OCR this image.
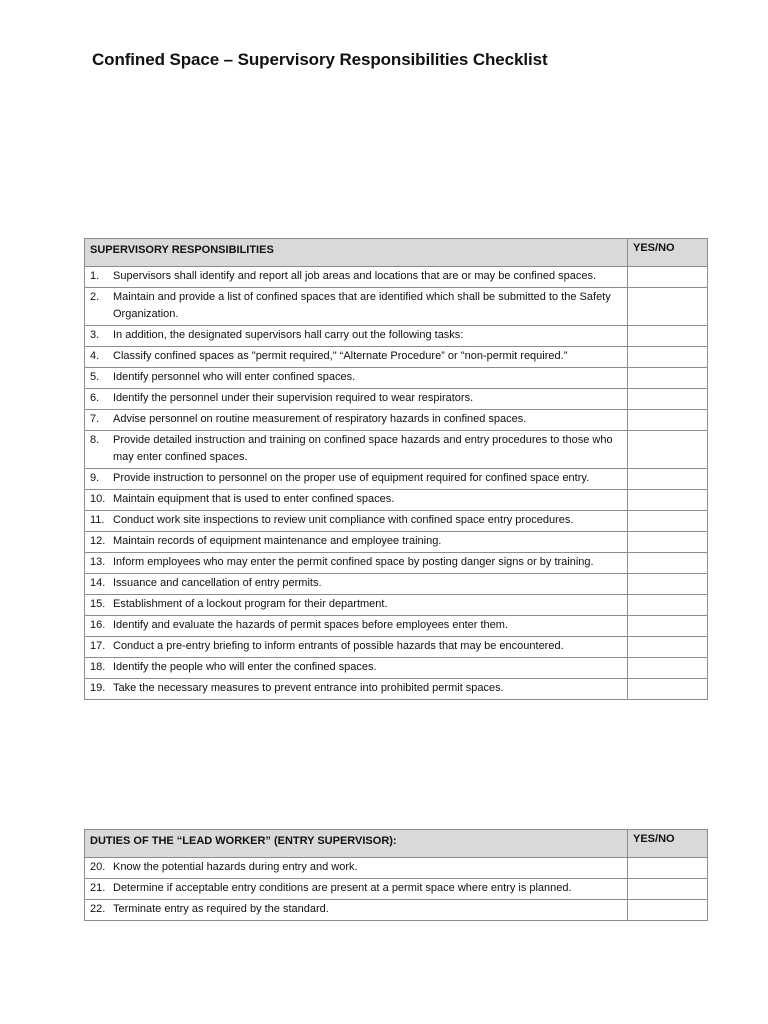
Confined Space – Supervisory Responsibilities Checklist
SUPERVISORY RESPONSIBILITIES	YES/NO

1. Supervisors shall identify and report all job areas and locations that are or may be confined spaces.	

2. Maintain and provide a list of confined spaces that are identified which shall be submitted to the Safety Organization.	

3. In addition, the designated supervisors hall carry out the following tasks:	

4. Classify confined spaces as "permit required," “Alternate Procedure” or "non-permit required.”	

5. Identify personnel who will enter confined spaces.	

6. Identify the personnel under their supervision required to wear respirators.	

7. Advise personnel on routine measurement of respiratory hazards in confined spaces.	

8. Provide detailed instruction and training on confined space hazards and entry procedures to those who may enter confined spaces.	

9. Provide instruction to personnel on the proper use of equipment required for confined space entry.	

10. Maintain equipment that is used to enter confined spaces.	

11. Conduct work site inspections to review unit compliance with confined space entry procedures.	

12. Maintain records of equipment maintenance and employee training.	

13. Inform employees who may enter the permit confined space by posting danger signs or by training.	

14. Issuance and cancellation of entry permits.	

15. Establishment of a lockout program for their department.	

16. Identify and evaluate the hazards of permit spaces before employees enter them.	

17. Conduct a pre-entry briefing to inform entrants of possible hazards that may be encountered.	

18. Identify the people who will enter the confined spaces.	

19. Take the necessary measures to prevent entrance into prohibited permit spaces.	

DUTIES OF THE “LEAD WORKER” (ENTRY SUPERVISOR):	YES/NO

20. Know the potential hazards during entry and work.	

21. Determine if acceptable entry conditions are present at a permit space where entry is planned.	

22. Terminate entry as required by the standard.	
